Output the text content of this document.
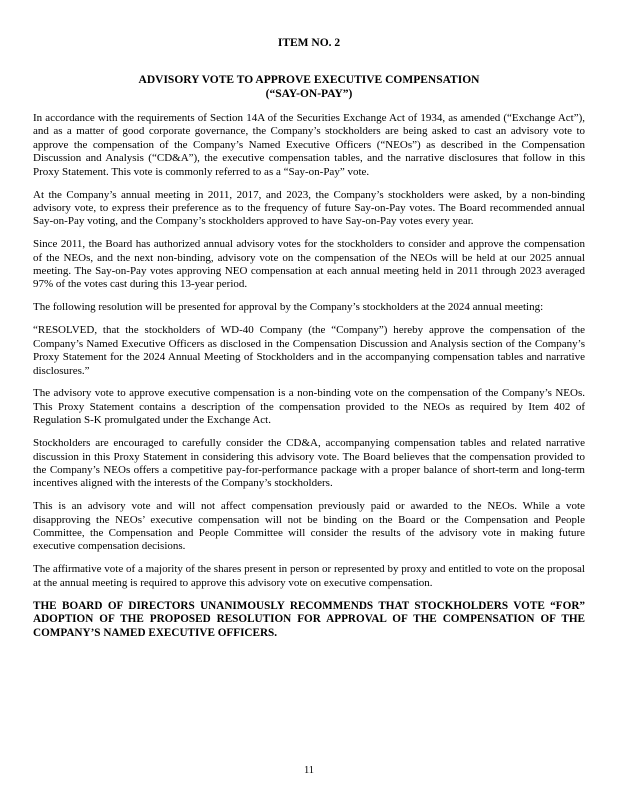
ITEM NO. 2

ADVISORY VOTE TO APPROVE EXECUTIVE COMPENSATION

(“SAY-ON-PAY”)

In accordance with the requirements of Section 14A of the Securities Exchange Act of 1934, as amended (“Exchange Act”), and as a matter of good corporate governance, the Company’s stockholders are being asked to cast an advisory vote to approve the compensation of the Company’s Named Executive Officers (“NEOs”) as described in the Compensation Discussion and Analysis (“CD&A”), the executive compensation tables, and the narrative disclosures that follow in this Proxy Statement. This vote is commonly referred to as a “Say-on-Pay” vote.

At the Company’s annual meeting in 2011, 2017, and 2023, the Company’s stockholders were asked, by a non-binding advisory vote, to express their preference as to the frequency of future Say-on-Pay votes. The Board recommended annual Say-on-Pay voting, and the Company’s stockholders approved to have Say-on-Pay votes every year.

Since 2011, the Board has authorized annual advisory votes for the stockholders to consider and approve the compensation of the NEOs, and the next non-binding, advisory vote on the compensation of the NEOs will be held at our 2025 annual meeting. The Say-on-Pay votes approving NEO compensation at each annual meeting held in 2011 through 2023 averaged 97% of the votes cast during this 13-year period.

The following resolution will be presented for approval by the Company’s stockholders at the 2024 annual meeting:

“RESOLVED, that the stockholders of WD-40 Company (the “Company”) hereby approve the compensation of the Company’s Named Executive Officers as disclosed in the Compensation Discussion and Analysis section of the Company’s Proxy Statement for the 2024 Annual Meeting of Stockholders and in the accompanying compensation tables and narrative disclosures.”

The advisory vote to approve executive compensation is a non-binding vote on the compensation of the Company’s NEOs. This Proxy Statement contains a description of the compensation provided to the NEOs as required by Item 402 of Regulation S-K promulgated under the Exchange Act.

Stockholders are encouraged to carefully consider the CD&A, accompanying compensation tables and related narrative discussion in this Proxy Statement in considering this advisory vote. The Board believes that the compensation provided to the Company’s NEOs offers a competitive pay-for-performance package with a proper balance of short-term and long-term incentives aligned with the interests of the Company’s stockholders.

This is an advisory vote and will not affect compensation previously paid or awarded to the NEOs. While a vote disapproving the NEOs’ executive compensation will not be binding on the Board or the Compensation and People Committee, the Compensation and People Committee will consider the results of the advisory vote in making future executive compensation decisions.

The affirmative vote of a majority of the shares present in person or represented by proxy and entitled to vote on the proposal at the annual meeting is required to approve this advisory vote on executive compensation.

THE BOARD OF DIRECTORS UNANIMOUSLY RECOMMENDS THAT STOCKHOLDERS VOTE “FOR” ADOPTION OF THE PROPOSED RESOLUTION FOR APPROVAL OF THE COMPENSATION OF THE COMPANY’S NAMED EXECUTIVE OFFICERS.

11
